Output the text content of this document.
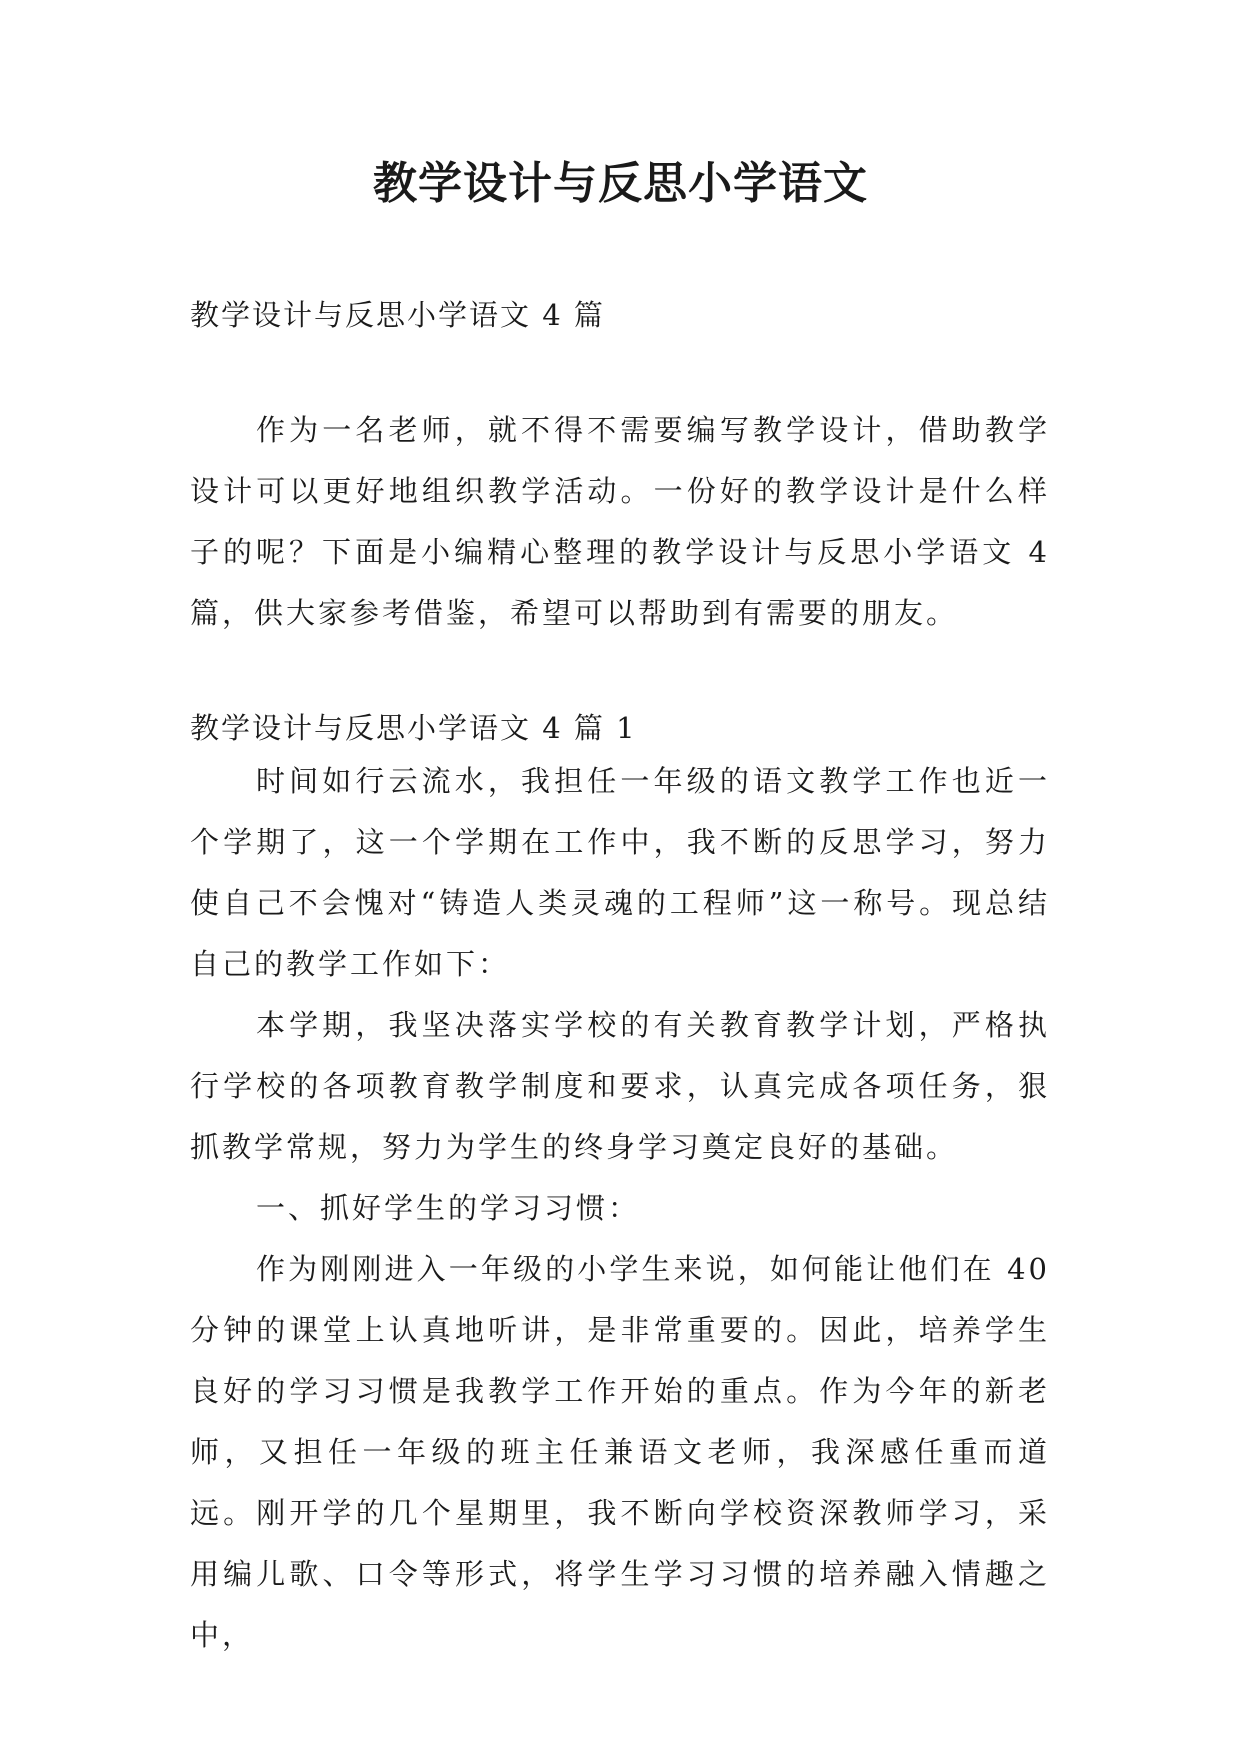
教学设计与反思小学语文
教学设计与反思小学语文 4 篇

作为一名老师，就不得不需要编写教学设计，借助教学设计可以更好地组织教学活动。一份好的教学设计是什么样子的呢？下面是小编精心整理的教学设计与反思小学语文 4 篇，供大家参考借鉴，希望可以帮助到有需要的朋友。

教学设计与反思小学语文 4 篇 1

时间如行云流水，我担任一年级的语文教学工作也近一个学期了，这一个学期在工作中，我不断的反思学习，努力使自己不会愧对“铸造人类灵魂的工程师”这一称号。现总结自己的教学工作如下：

本学期，我坚决落实学校的有关教育教学计划，严格执行学校的各项教育教学制度和要求，认真完成各项任务，狠抓教学常规，努力为学生的终身学习奠定良好的基础。

一、抓好学生的学习习惯：

作为刚刚进入一年级的小学生来说，如何能让他们在 40 分钟的课堂上认真地听讲，是非常重要的。因此，培养学生良好的学习习惯是我教学工作开始的重点。作为今年的新老师，又担任一年级的班主任兼语文老师，我深感任重而道远。刚开学的几个星期里，我不断向学校资深教师学习，采用编儿歌、口令等形式，将学生学习习惯的培养融入情趣之中，
